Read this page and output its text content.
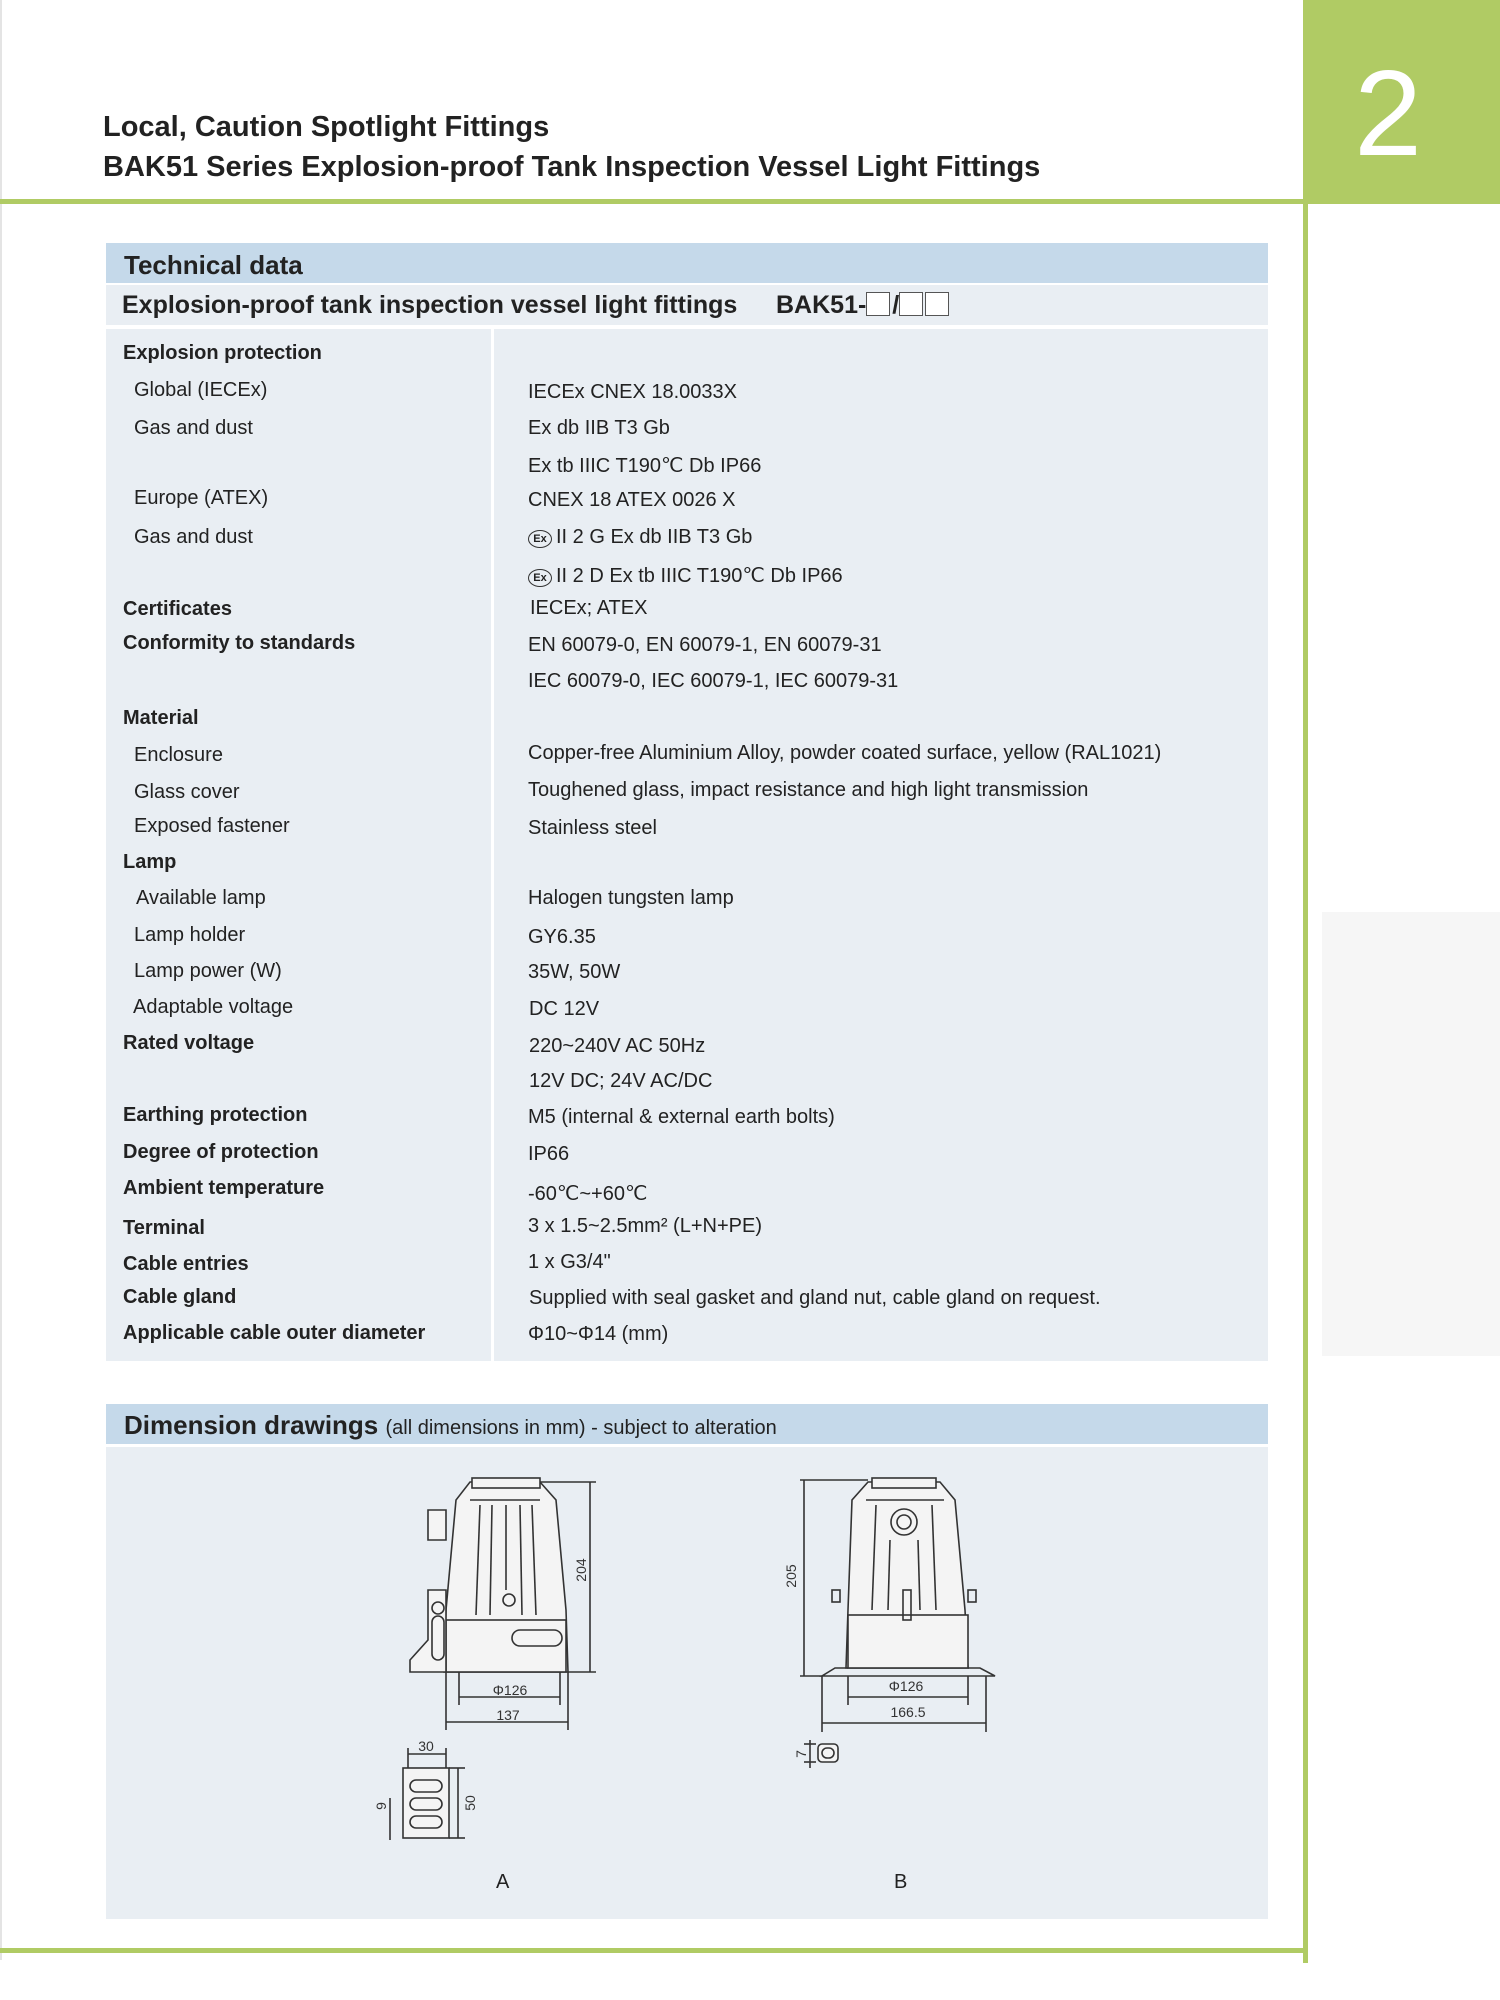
2
Local, Caution Spotlight Fittings
BAK51 Series Explosion-proof Tank Inspection Vessel Light Fittings
Technical data
Explosion-proof tank inspection vessel light fittings BAK51- /
Explosion protection
Global (IECEx)
Gas and dust
Europe (ATEX)
Gas and dust
Certificates
Conformity to standards
Material
Enclosure
Glass cover
Exposed fastener
Lamp
Available lamp
Lamp holder
Lamp power (W)
Adaptable voltage
Rated voltage
Earthing protection
Degree of protection
Ambient temperature
Terminal
Cable entries
Cable gland
Applicable cable outer diameter
IECEx CNEX 18.0033X
Ex db IIB T3 Gb
Ex tb IIIC T190℃ Db IP66
CNEX 18 ATEX 0026 X
Ex II 2 G Ex db IIB T3 Gb
Ex II 2 D Ex tb IIIC T190℃ Db IP66
IECEx; ATEX
EN 60079-0, EN 60079-1, EN 60079-31
IEC 60079-0, IEC 60079-1, IEC 60079-31
Copper-free Aluminium Alloy, powder coated surface, yellow (RAL1021)
Toughened glass, impact resistance and high light transmission
Stainless steel
Halogen tungsten lamp
GY6.35
35W, 50W
DC 12V
220~240V AC 50Hz
12V DC; 24V AC/DC
M5 (internal & external earth bolts)
IP66
-60℃~+60℃
3 x 1.5~2.5mm² (L+N+PE)
1 x G3/4"
Supplied with seal gasket and gland nut, cable gland on request.
Φ10~Φ14 (mm)
Dimension drawings (all dimensions in mm) - subject to alteration
204
Φ126
137
30
50
9
205
Φ126
166.5
7
A	B
